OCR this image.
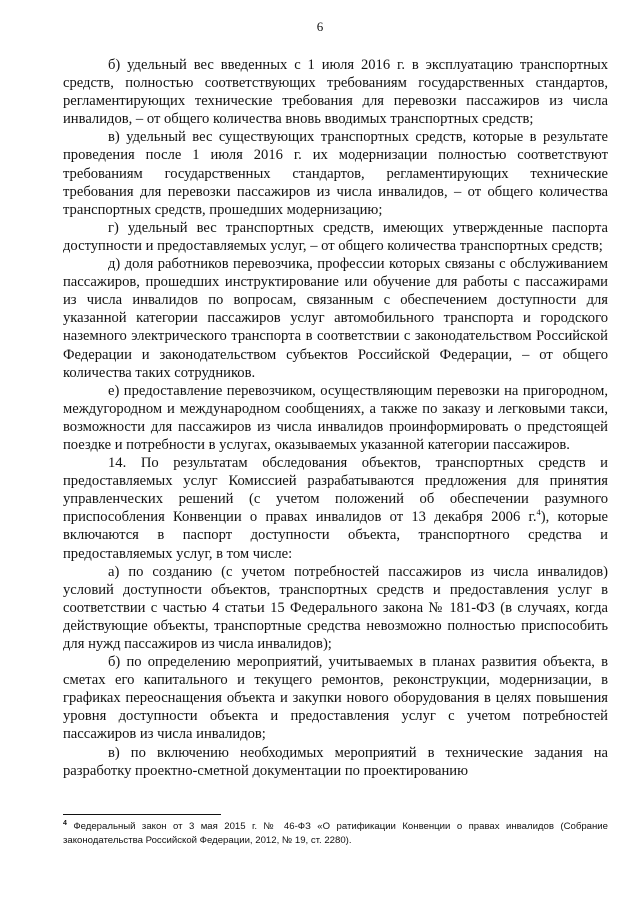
6

б) удельный вес введенных с 1 июля 2016 г. в эксплуатацию транспортных средств, полностью соответствующих требованиям государственных стандартов, регламентирующих технические требования для перевозки пассажиров из числа инвалидов, – от общего количества вновь вводимых транспортных средств;

в) удельный вес существующих транспортных средств, которые в результате проведения после 1 июля 2016 г. их модернизации полностью соответствуют требованиям государственных стандартов, регламентирующих технические требования для перевозки пассажиров из числа инвалидов, – от общего количества транспортных средств, прошедших модернизацию;

г) удельный вес транспортных средств, имеющих утвержденные паспорта доступности и предоставляемых услуг, – от общего количества транспортных средств;

д) доля работников перевозчика, профессии которых связаны с обслуживанием пассажиров, прошедших инструктирование или обучение для работы с пассажирами из числа инвалидов по вопросам, связанным с обеспечением доступности для указанной категории пассажиров услуг автомобильного транспорта и городского наземного электрического транспорта в соответствии с законодательством Российской Федерации и законодательством субъектов Российской Федерации, – от общего количества таких сотрудников.

е) предоставление перевозчиком, осуществляющим перевозки на пригородном, междугородном и международном сообщениях, а также по заказу и легковыми такси, возможности для пассажиров из числа инвалидов проинформировать о предстоящей поездке и потребности в услугах, оказываемых указанной категории пассажиров.

14. По результатам обследования объектов, транспортных средств и предоставляемых услуг Комиссией разрабатываются предложения для принятия управленческих решений (с учетом положений об обеспечении разумного приспособления Конвенции о правах инвалидов от 13 декабря 2006 г.$^4$), которые включаются в паспорт доступности объекта, транспортного средства и предоставляемых услуг, в том числе:

а) по созданию (с учетом потребностей пассажиров из числа инвалидов) условий доступности объектов, транспортных средств и предоставления услуг в соответствии с частью 4 статьи 15 Федерального закона № 181-ФЗ (в случаях, когда действующие объекты, транспортные средства невозможно полностью приспособить для нужд пассажиров из числа инвалидов);

б) по определению мероприятий, учитываемых в планах развития объекта, в сметах его капитального и текущего ремонтов, реконструкции, модернизации, в графиках переоснащения объекта и закупки нового оборудования в целях повышения уровня доступности объекта и предоставления услуг с учетом потребностей пассажиров из числа инвалидов;

в) по включению необходимых мероприятий в технические задания на разработку проектно-сметной документации по проектированию

$^4$ Федеральный закон от 3 мая 2015 г. № 46-ФЗ «О ратификации Конвенции о правах инвалидов (Собрание законодательства Российской Федерации, 2012, № 19, ст. 2280).
